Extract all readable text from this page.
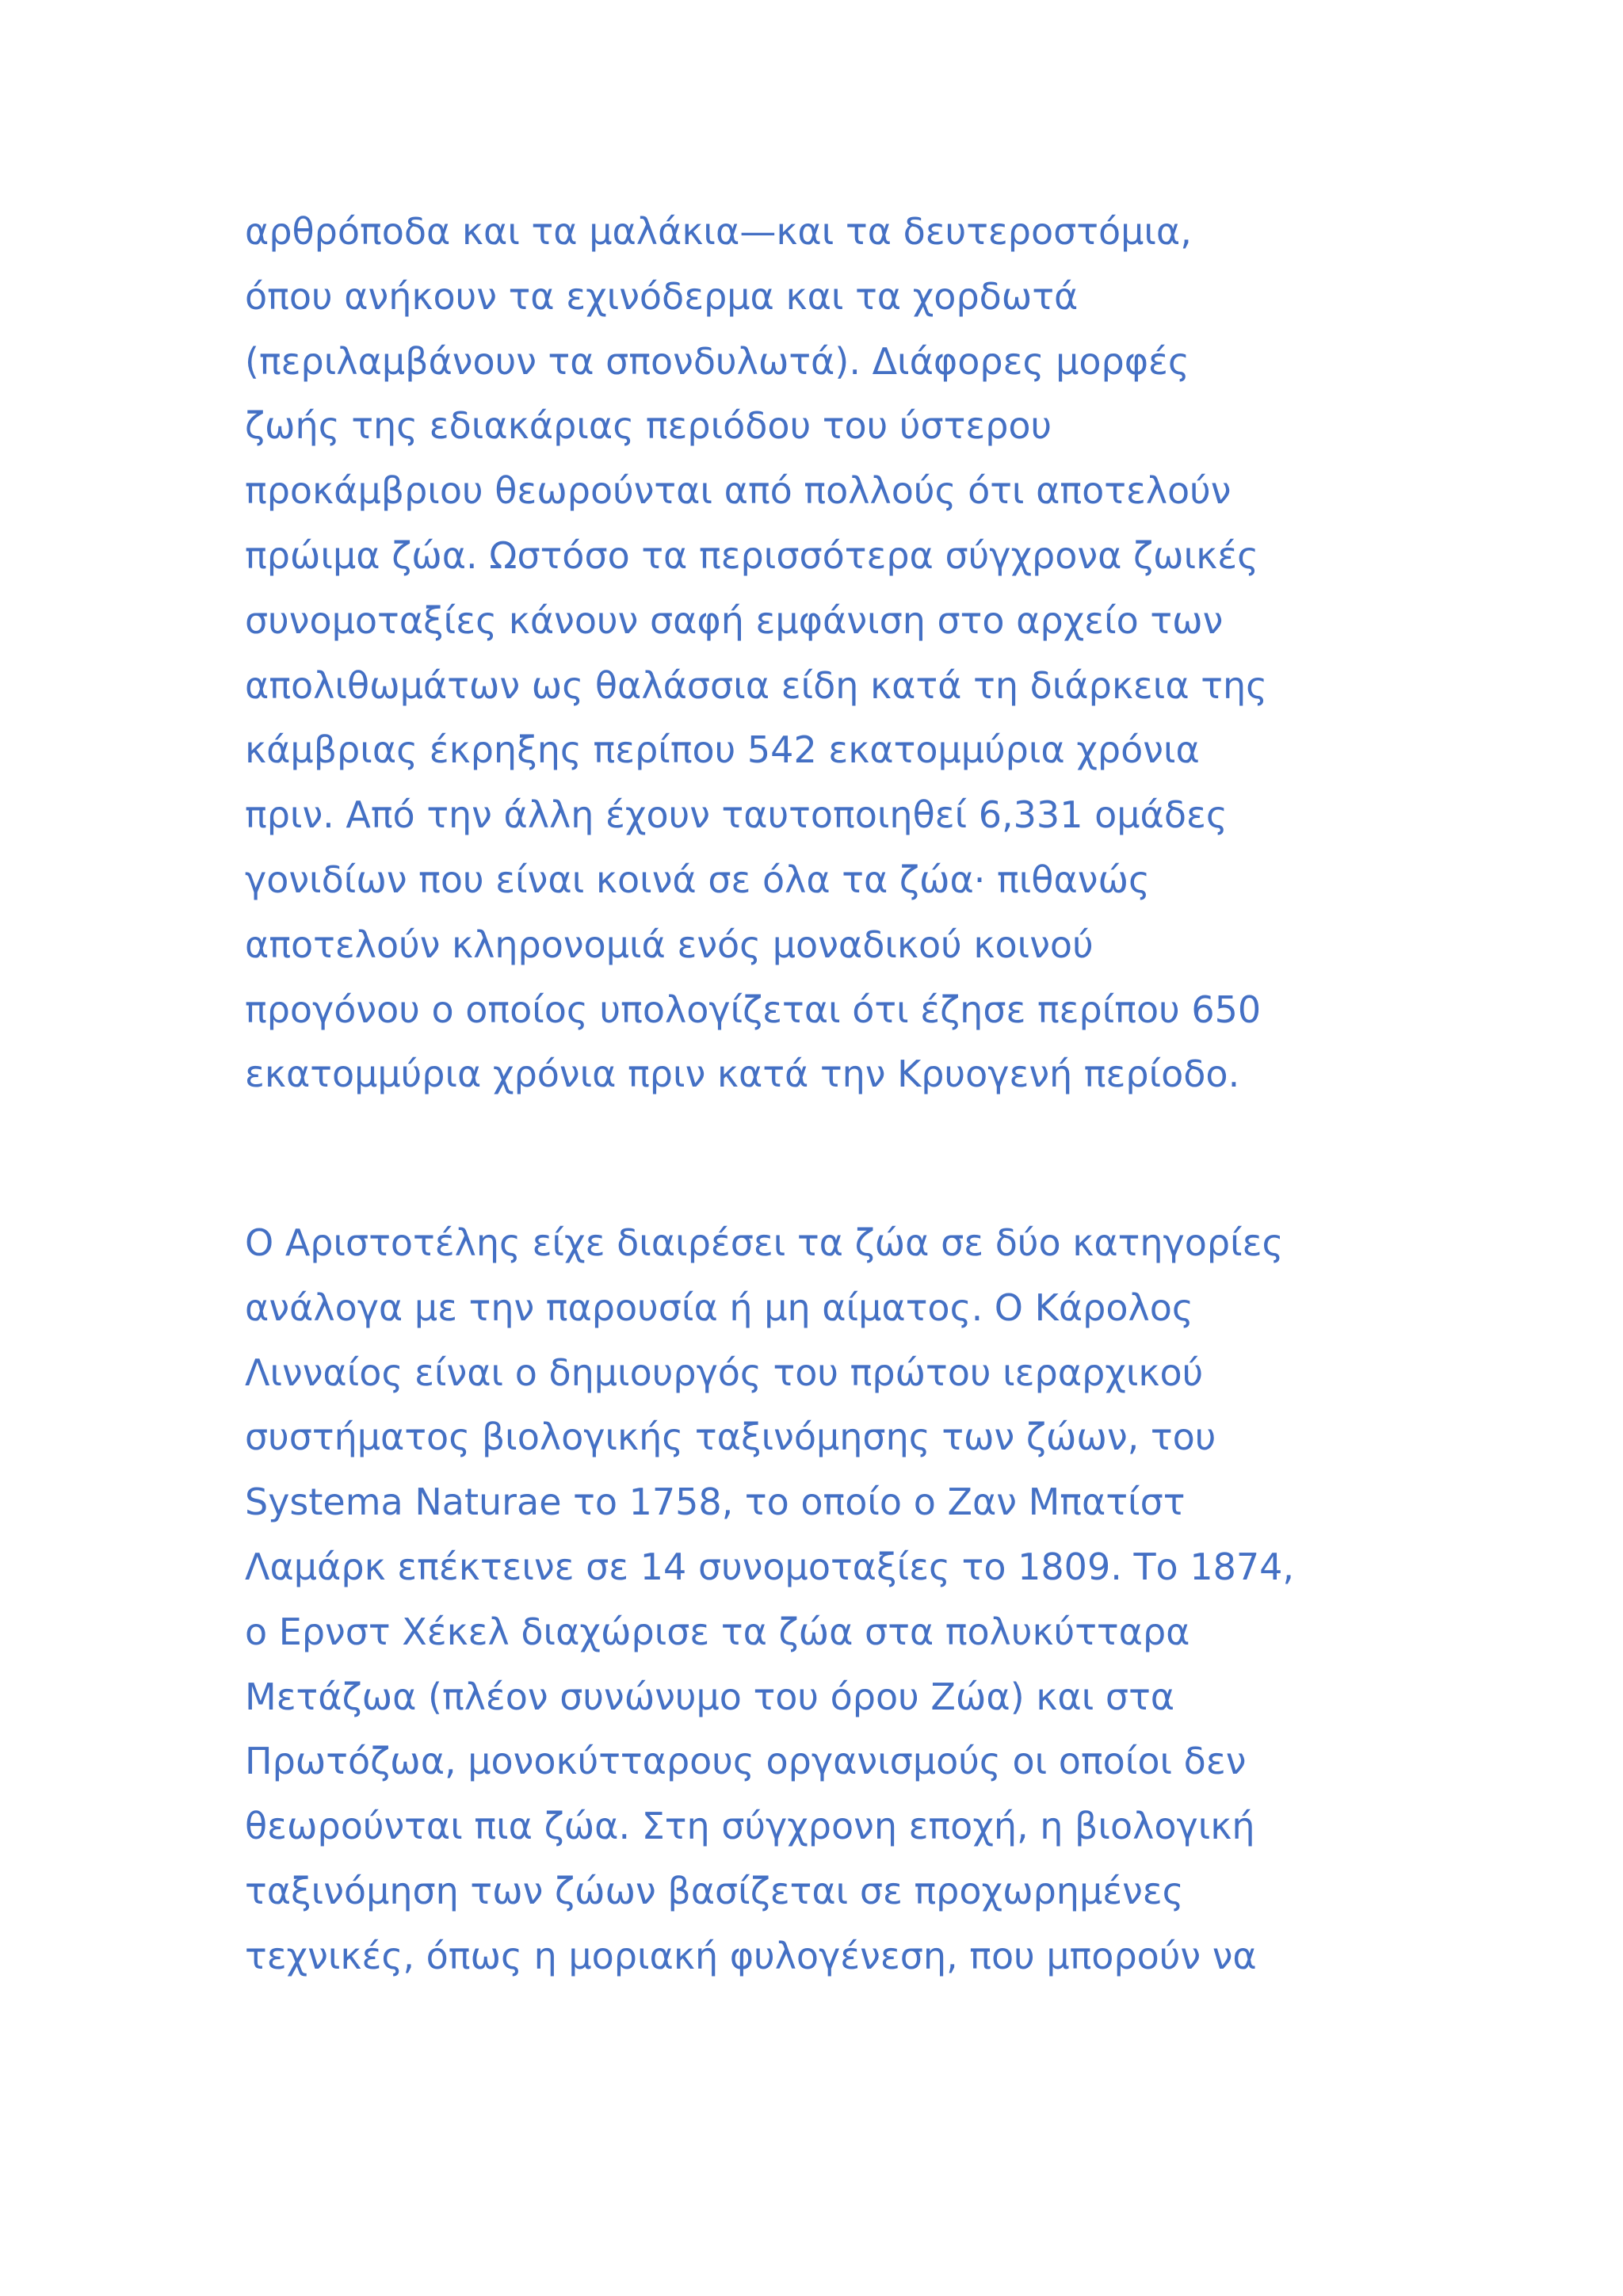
αρθρόποδα και τα μαλάκια—και τα δευτεροστόμια,
όπου ανήκουν τα εχινόδερμα και τα χορδωτά
(περιλαμβάνουν τα σπονδυλωτά). Διάφορες μορφές
ζωής της εδιακάριας περιόδου του ύστερου
προκάμβριου θεωρούνται από πολλούς ότι αποτελούν
πρώιμα ζώα. Ωστόσο τα περισσότερα σύγχρονα ζωικές
συνομοταξίες κάνουν σαφή εμφάνιση στο αρχείο των
απολιθωμάτων ως θαλάσσια είδη κατά τη διάρκεια της
κάμβριας έκρηξης περίπου 542 εκατομμύρια χρόνια
πριν. Από την άλλη έχουν ταυτοποιηθεί 6,331 ομάδες
γονιδίων που είναι κοινά σε όλα τα ζώα· πιθανώς
αποτελούν κληρονομιά ενός μοναδικού κοινού
προγόνου ο οποίος υπολογίζεται ότι έζησε περίπου 650
εκατομμύρια χρόνια πριν κατά την Κρυογενή περίοδο.
Ο Αριστοτέλης είχε διαιρέσει τα ζώα σε δύο κατηγορίες
ανάλογα με την παρουσία ή μη αίματος. Ο Κάρολος
Λινναίος είναι ο δημιουργός του πρώτου ιεραρχικού
συστήματος βιολογικής ταξινόμησης των ζώων, του
Systema Naturae το 1758, το οποίο ο Ζαν Μπατίστ
Λαμάρκ επέκτεινε σε 14 συνομοταξίες το 1809. Το 1874,
ο Ερνστ Χέκελ διαχώρισε τα ζώα στα πολυκύτταρα
Μετάζωα (πλέον συνώνυμο του όρου Ζώα) και στα
Πρωτόζωα, μονοκύτταρους οργανισμούς οι οποίοι δεν
θεωρούνται πια ζώα. Στη σύγχρονη εποχή, η βιολογική
ταξινόμηση των ζώων βασίζεται σε προχωρημένες
τεχνικές, όπως η μοριακή φυλογένεση, που μπορούν να
